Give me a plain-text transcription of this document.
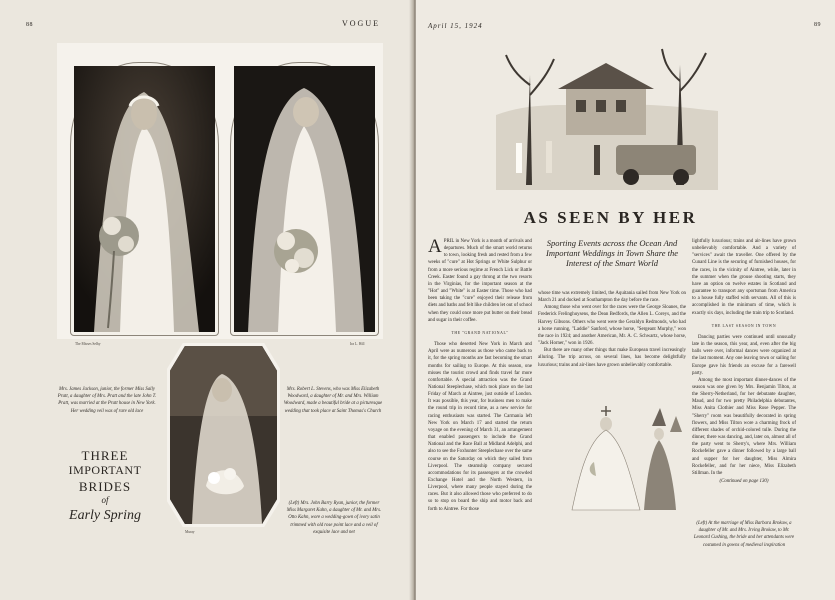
88
The Misses Selby	Ira L. Hill
Muray
Mrs. James Jackson, junior, the former Miss Sally Pratt, a daughter of Mrs. Pratt and the late John T. Pratt, was married at the Pratt house in New York. Her wedding veil was of rare old lace
Mrs. Robert L. Stevens, who was Miss Elizabeth Woodward, a daughter of Mr. and Mrs. William Woodward, made a beautiful bride at a picturesque wedding that took place at Saint Thomas's Church
(Left) Mrs. John Barry Ryan, junior, the former Miss Margaret Kahn, a daughter of Mr. and Mrs. Otto Kahn, wore a wedding-gown of ivory satin trimmed with old rose point lace and a veil of exquisite lace and net
THREE
IMPORTANT
BRIDES
of
Early Spring
April 15, 1924
VOGUE	89
AS SEEN BY HER
Sporting Events across the Ocean And Important Weddings in Town Share the Interest of the Smart World
A PRIL in New York is a month of arrivals and departures. Much of the smart world returns to town, looking fresh and rested from a few weeks of "cure" at Hot Springs or White Sulphur or from a more serious regime at French Lick or Battle Creek. Easter found a gay throng at the two resorts in the Virginias, for the important season at the "Hot" and "White" is at Easter time. Those who had been taking the "cure" enjoyed their release from diets and baths and felt like children let out of school when they could once more put butter on their bread and sugar in their coffee.

THE "GRAND NATIONAL"

Those who deserted New York in March and April were as numerous as those who came back to it, for the spring months are fast becoming the smart months for sailing to Europe. At this season, one misses the tourist crowd and finds travel far more comfortable. A special attraction was the Grand National Steeplechase, which took place on the last Friday of March at Aintree, just outside of London. It was possible, this year, for business men to make the round trip in record time, as a new service for racing enthusiasts was started. The Carmania left New York on March 17 and started the return voyage on the evening of March 31, an arrangement that enabled passengers to include the Grand National and the Race Ball at Midland Adelphi, and also to see the Foxhunter Steeplechase over the same course on the Saturday on which they sailed from Liverpool. The steamship company secured accommodations for its passengers at the crowded Exchange Hotel and the North Western, in Liverpool, where many people stayed during the races. But it also allowed those who preferred to do so to stop on board the ship and motor back and forth to Aintree. For those

whose time was extremely limited, the Aquitania sailed from New York on March 21 and docked at Southampton the day before the race.

Among those who went over for the races were the George Sloanes, the Frederick Frelinghuysens, the Dean Bedfords, the Allen L. Coreys, and the Harvey Gibsons. Others who went were the Geraldyn Redmonds, who had a horse running, "Laddie" Sanford, whose horse, "Sergeant Murphy," won the race in 1924; and another American, Mr. A. C. Schwartz, whose horse, "Jack Horner," won in 1926.

But there are many other things that make European travel increasingly alluring. The trip across, on several lines, has become delightfully luxurious; trains and air-lines have grown unbelievably comfortable.

lightfully luxurious; trains and air-lines have grown unbelievably comfortable. And a variety of "services" await the traveller. One offered by the Cunard Line is the securing of furnished houses, for the races, in the vicinity of Aintree, while, later in the summer when the grouse shooting starts, they have an option on twelve estates in Scotland and guarantee to transport any sportsman from America to a house fully staffed with servants. All of this is accomplished in the minimum of time, which is exactly six days, including the train trip to Scotland.

THE LAST SEASON IN TOWN

Dancing parties were continued until unusually late in the season, this year, and, even after the big balls were over, informal dances were organized at the last moment. Any one leaving town or sailing for Europe gave his friends an excuse for a farewell party.

Among the most important dinner-dances of the season was one given by Mrs. Benjamin Tilton, at the Sherry-Netherland, for her debutante daughter, Maud, and for two pretty Philadelphia debutantes, Miss Anita Clothier and Miss Rose Pepper. The "Sherry" room was beautifully decorated in spring flowers, and Miss Tilton wore a charming frock of different shades of orchid-colored tulle. During the dinner, there was dancing, and, later on, almost all of the party went to Sherry's, where Mrs. William Rockefeller gave a dinner followed by a large ball and supper for her daughter, Miss Almira Rockefeller, and for her niece, Miss Elizabeth Stillman. In the

(Continued on page 130)

(Left) At the marriage of Miss Barbara Brokaw, a daughter of Mr. and Mrs. Irving Brokaw, to Mr. Leonard Cushing, the bride and her attendants were costumed in gowns of medieval inspiration
